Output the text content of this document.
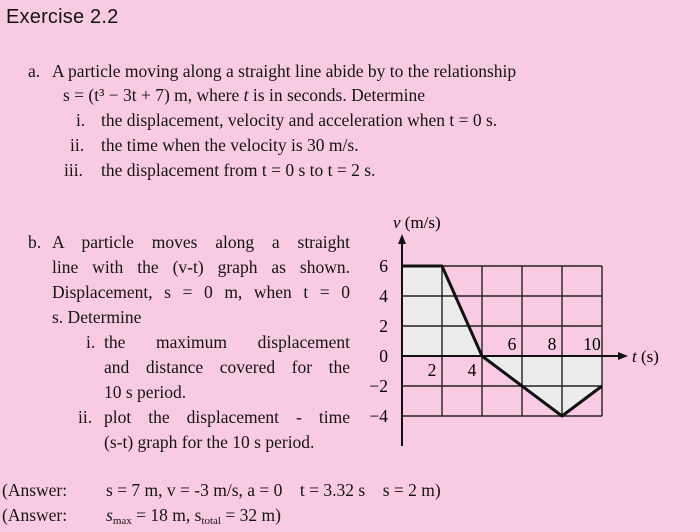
Exercise 2.2
a. A particle moving along a straight line abide by to the relationship
s = (t³ − 3t + 7) m, where t is in seconds. Determine
i. the displacement, velocity and acceleration when t = 0 s.
ii. the time when the velocity is 30 m/s.
iii. the displacement from t = 0 s to t = 2 s.
b. A particle moves along a straight
line with the (v-t) graph as shown.
Displacement, s = 0 m, when t = 0
s. Determine
i. the maximum displacement
and distance covered for the
10 s period.
ii. plot the displacement - time
(s-t) graph for the 10 s period.
6
4
2
0
−2
−4
2 4
6 8 10
v (m/s)
t (s)
(Answer: s = 7 m, v = -3 m/s, a = 0    t = 3.32 s    s = 2 m)
(Answer: $s_{max} = 18$ m, $s_{total} = 32$ m)
